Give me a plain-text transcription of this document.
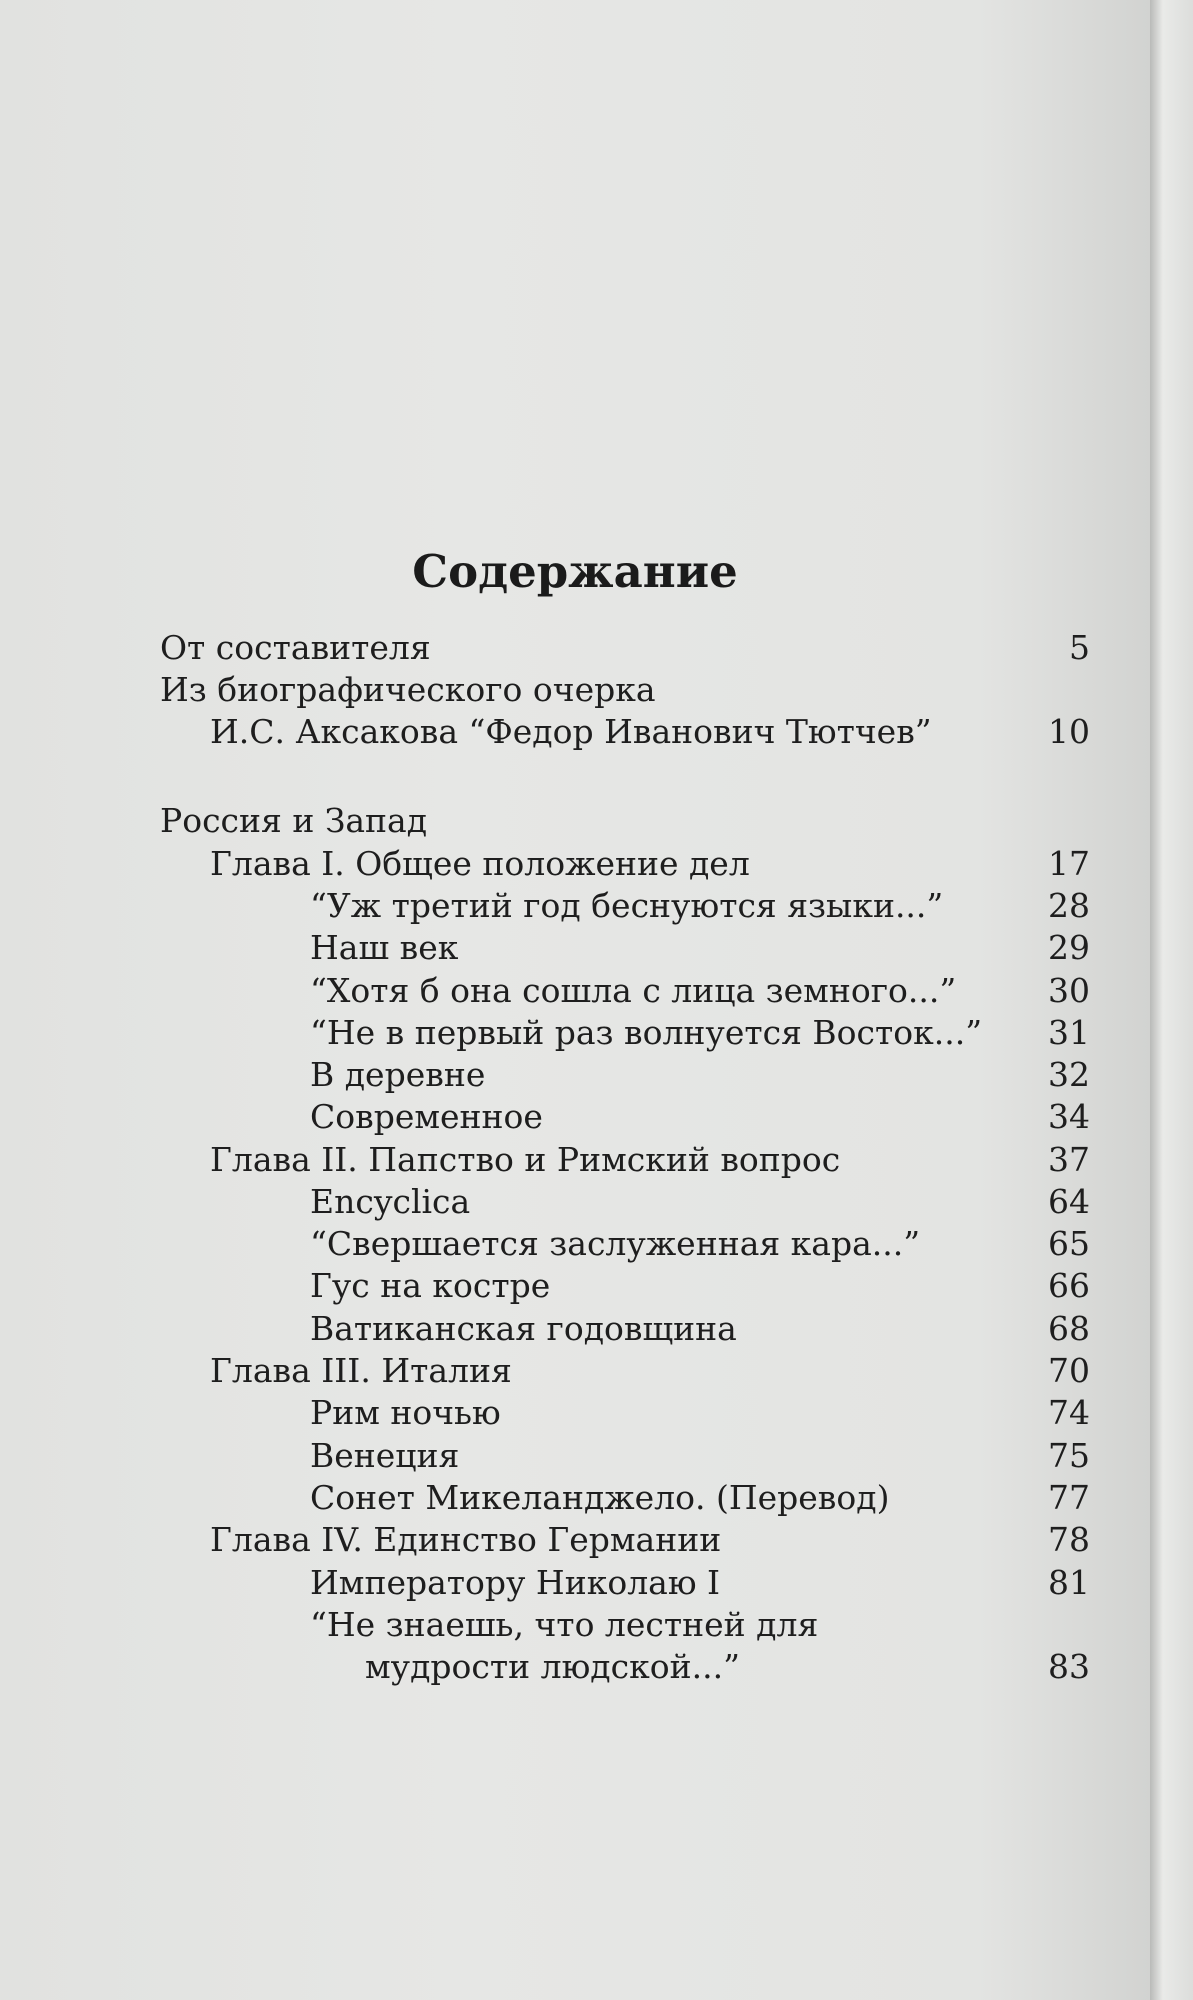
Содержание
От составителя	5
Из биографического очерка
И.С. Аксакова “Федор Иванович Тютчев”	10
Россия и Запад
Глава I. Общее положение дел	17
“Уж третий год беснуются языки...”	28
Наш век	29
“Хотя б она сошла с лица земного...”	30
“Не в первый раз волнуется Восток...” 31
В деревне	32
Современное	34
Глава II. Папство и Римский вопрос	37
Encyclica	64
“Свершается заслуженная кара...”	65
Гус на костре	66
Ватиканская годовщина	68
Глава III. Италия	70
Рим ночью	74
Венеция	75
Сонет Микеланджело. (Перевод)	77
Глава IV. Единство Германии	78
Императору Николаю I	81
“Не знаешь, что лестней для
мудрости людской...”	83
